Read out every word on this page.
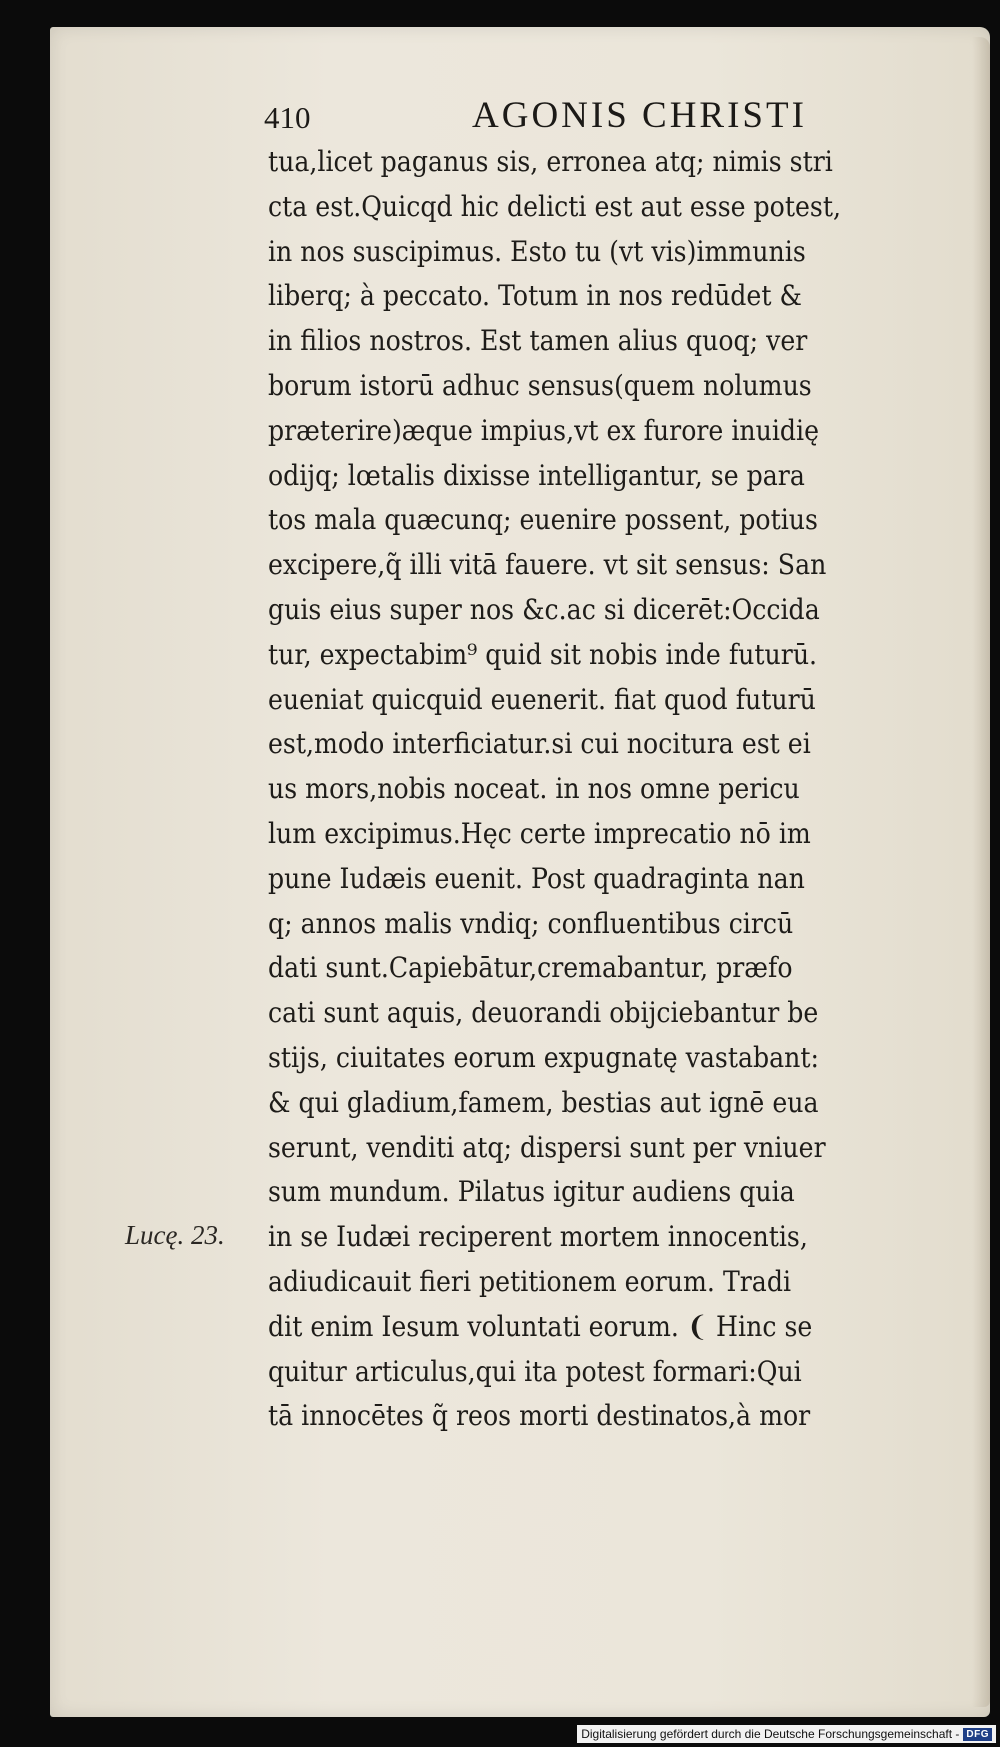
410	AGONIS CHRISTI
tua,licet paganus sis, erronea atq; nimis stri
cta est.Quicqd hic delicti est aut esse potest,
in nos suscipimus. Esto tu (vt vis)immunis
liberq; à peccato. Totum in nos redūdet &
in filios nostros. Est tamen alius quoq; ver
borum istorū adhuc sensus(quem nolumus
præterire)æque impius,vt ex furore inuidię
odijq; lœtalis dixisse intelligantur, se para
tos mala quæcunq; euenire possent, potius
excipere,q̃ illi vitā fauere. vt sit sensus: San
guis eius super nos &c.ac si dicerēt:Occida
tur, expectabim⁹ quid sit nobis inde futurū.
eueniat quicquid euenerit. fiat quod futurū
est,modo interficiatur.si cui nocitura est ei
us mors,nobis noceat. in nos omne pericu
lum excipimus.Hęc certe imprecatio nō im
pune Iudæis euenit. Post quadraginta nan
q; annos malis vndiq; confluentibus circū
dati sunt.Capiebātur,cremabantur, præfo
cati sunt aquis, deuorandi obijciebantur be
stijs, ciuitates eorum expugnatę vastabant:
& qui gladium,famem, bestias aut ignē eua
serunt, venditi atq; dispersi sunt per vniuer
sum mundum. Pilatus igitur audiens quia
in se Iudæi reciperent mortem innocentis,
adiudicauit fieri petitionem eorum. Tradi
dit enim Iesum voluntati eorum. ❨ Hinc se
quitur articulus,qui ita potest formari:Qui
tā innocētes q̃ reos morti destinatos,à mor
Lucę. 23.
Digitalisierung gefördert durch die Deutsche Forschungsgemeinschaft - DFG
